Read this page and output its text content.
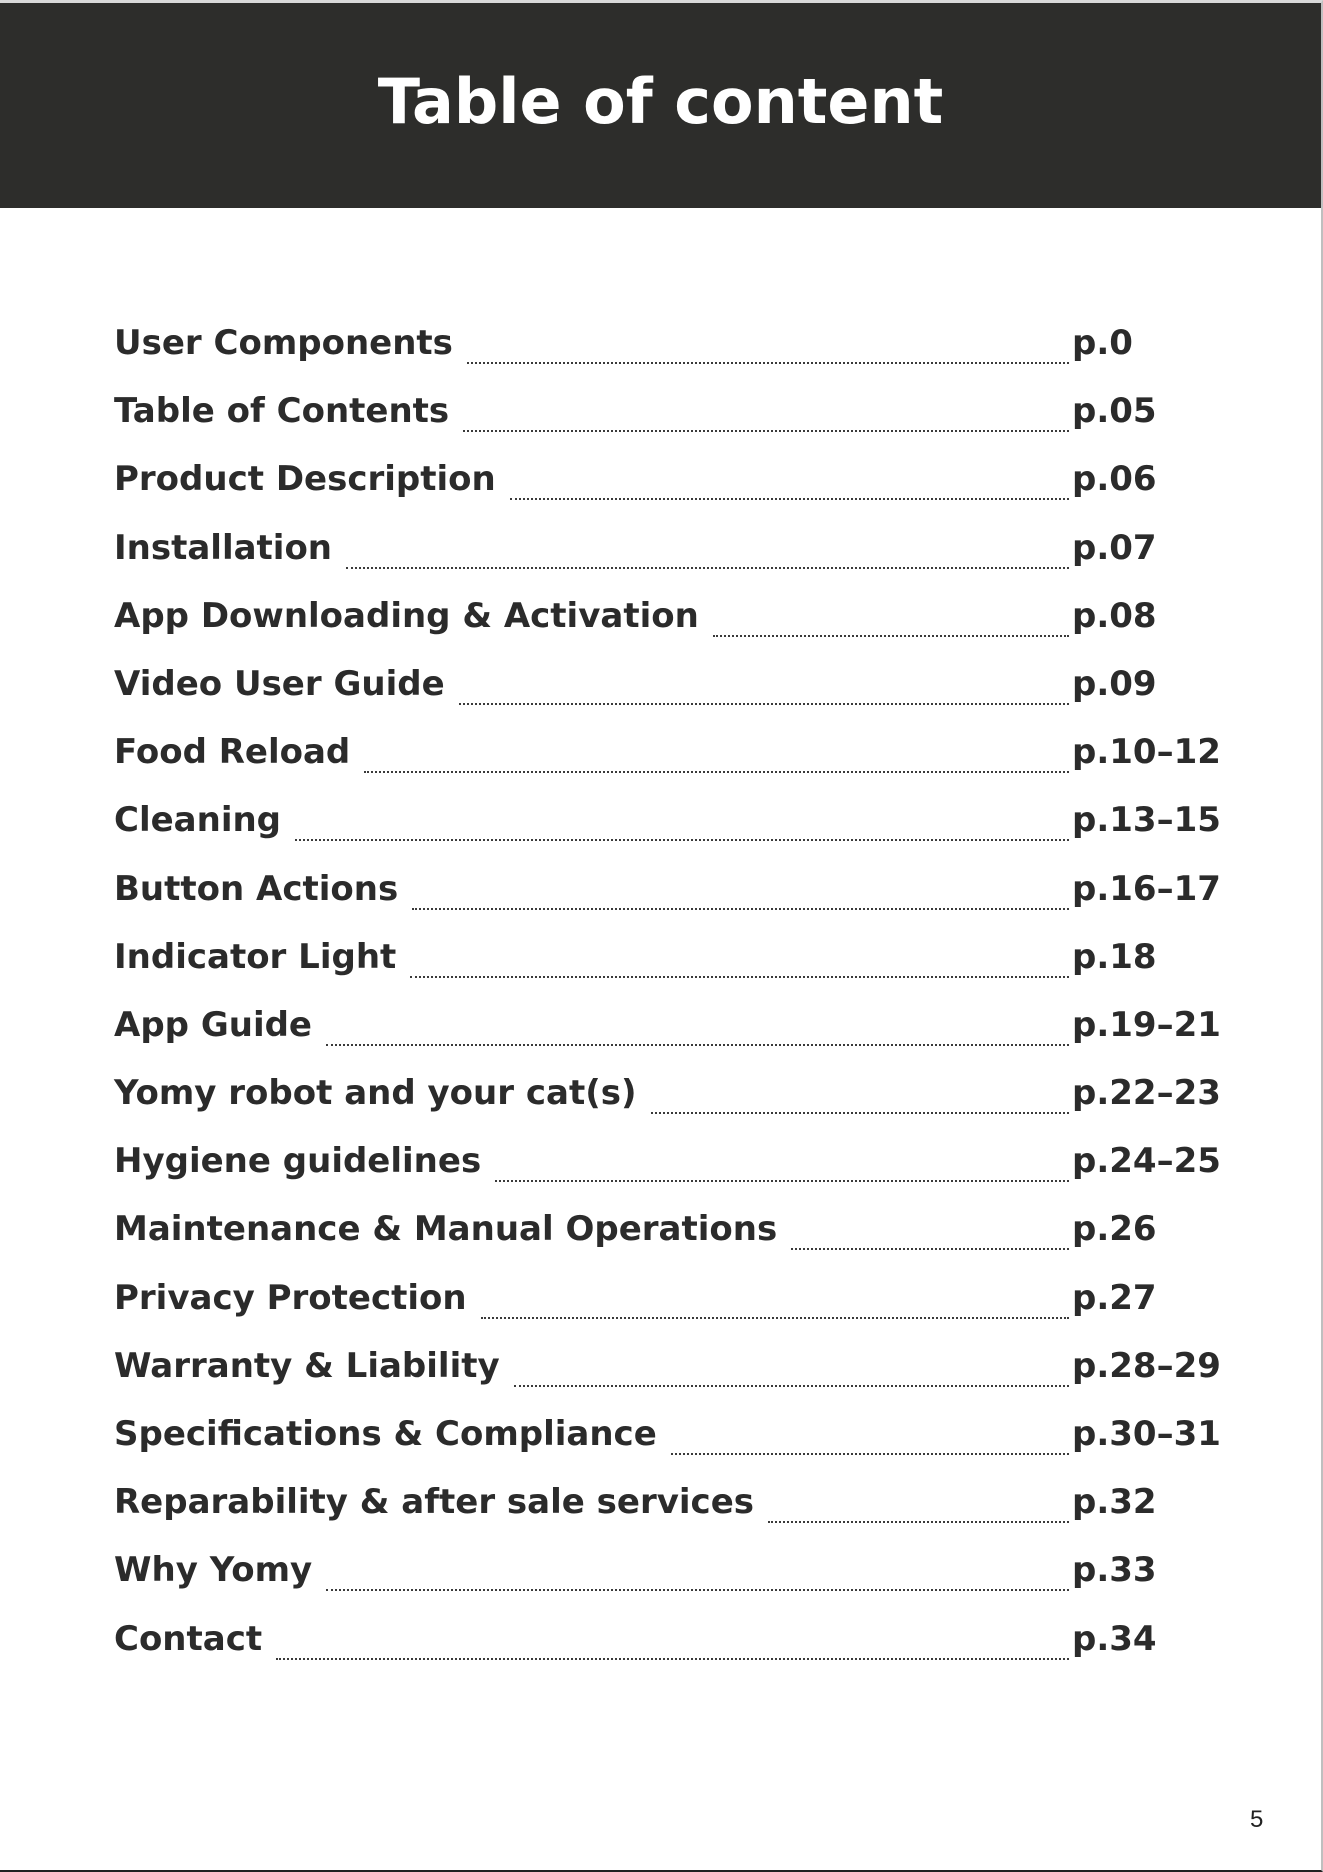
Table of content
User Components	p.0
Table of Contents	p.05
Product Description	p.06
Installation	p.07
App Downloading & Activation	p.08
Video User Guide	p.09
Food Reload	p.10–12
Cleaning	p.13–15
Button Actions	p.16–17
Indicator Light	p.18
App Guide	p.19–21
Yomy robot and your cat(s)	p.22–23
Hygiene guidelines	p.24–25
Maintenance & Manual Operations	p.26
Privacy Protection	p.27
Warranty & Liability	p.28–29
Specifications & Compliance	p.30–31
Reparability & after sale services	p.32
Why Yomy	p.33
Contact	p.34
5
